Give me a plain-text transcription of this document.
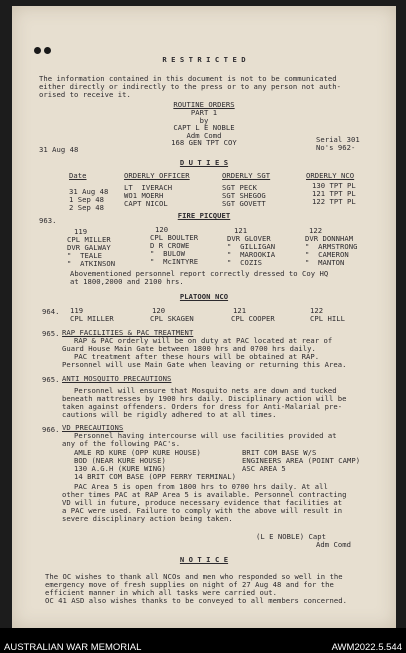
R E S T R I C T E D
The information contained in this document is not to be communicated
either directly or indirectly to the press or to any person not auth-
orised to receive it.
ROUTINE ORDERS
PART 1
by
CAPT L E NOBLE
Adm Comd
168 GEN TPT COY
31 Aug 48
Serial 301
No's 962-
D U T I E S
Date	ORDERLY OFFICER	ORDERLY SGT	ORDERLY NCO
31 Aug 48 LT  IVERACH	SGT PECK	130 TPT PL
1 Sep 48	WO1 MOERH	SGT SHEGOG	121 TPT PL
2 Sep 48	CAPT NICOL	SGT GOVETT	122 TPT PL
963.
FIRE PICQUET
119
CPL MILLER
DVR GALWAY
"  TEALE
"  ATKINSON
120
CPL BOULTER
D R CROWE
"  BULOW
"  McINTYRE
121
DVR GLOVER
"  GILLIGAN
"  MAROOKIA
"  COZIS
122
DVR DONNHAM
"  ARMSTRONG
"  CAMERON
"  MANTON
Abovementioned personnel report correctly dressed to Coy HQ
at 1800,2000 and 2100 hrs.
PLATOON NCO
964. 119
CPL MILLER
120
CPL SKAGEN
121
CPL COOPER
122
CPL HILL
965. RAP FACILITIES & PAC TREATMENT
RAP & PAC orderly will be on duty at PAC located at rear of
Guard House Main Gate between 1800 hrs and 0700 hrs daily.
PAC treatment after these hours will be obtained at RAP.
Personnel will use Main Gate when leaving or returning this Area.
965. ANTI MOSQUITO PRECAUTIONS
Personnel will ensure that Mosquito nets are down and tucked
beneath mattresses by 1900 hrs daily. Disciplinary action will be
taken against offenders. Orders for dress for Anti-Malarial pre-
cautions will be rigidly adhered to at all times.
966. VD PRECAUTIONS
Personnel having intercourse will use facilities provided at
any of the following PAC's.
AMLE RD KURE (OPP KURE HOUSE)
BOD (NEAR KURE HOUSE)
130 A.G.H (KURE WING)
14 BRIT COM BASE (OPP FERRY TERMINAL)
BRIT COM BASE W/S
ENGINEERS AREA (POINT CAMP)
ASC AREA 5
PAC Area 5 is open from 1800 hrs to 0700 hrs daily. At all
other times PAC at RAP Area 5 is available. Personnel contracting
VD will in future, produce necessary evidence that facilities at
a PAC were used. Failure to comply with the above will result in
severe disciplinary action being taken.
(L E NOBLE) Capt
Adm Comd
N O T I C E
The OC wishes to thank all NCOs and men who responded so well in the
emergency move of fresh supplies on night of 27 Aug 48 and for the
efficient manner in which all tasks were carried out.
OC 41 ASD also wishes thanks to be conveyed to all members concerned.
AUSTRALIAN WAR MEMORIAL	AWM2022.5.544
